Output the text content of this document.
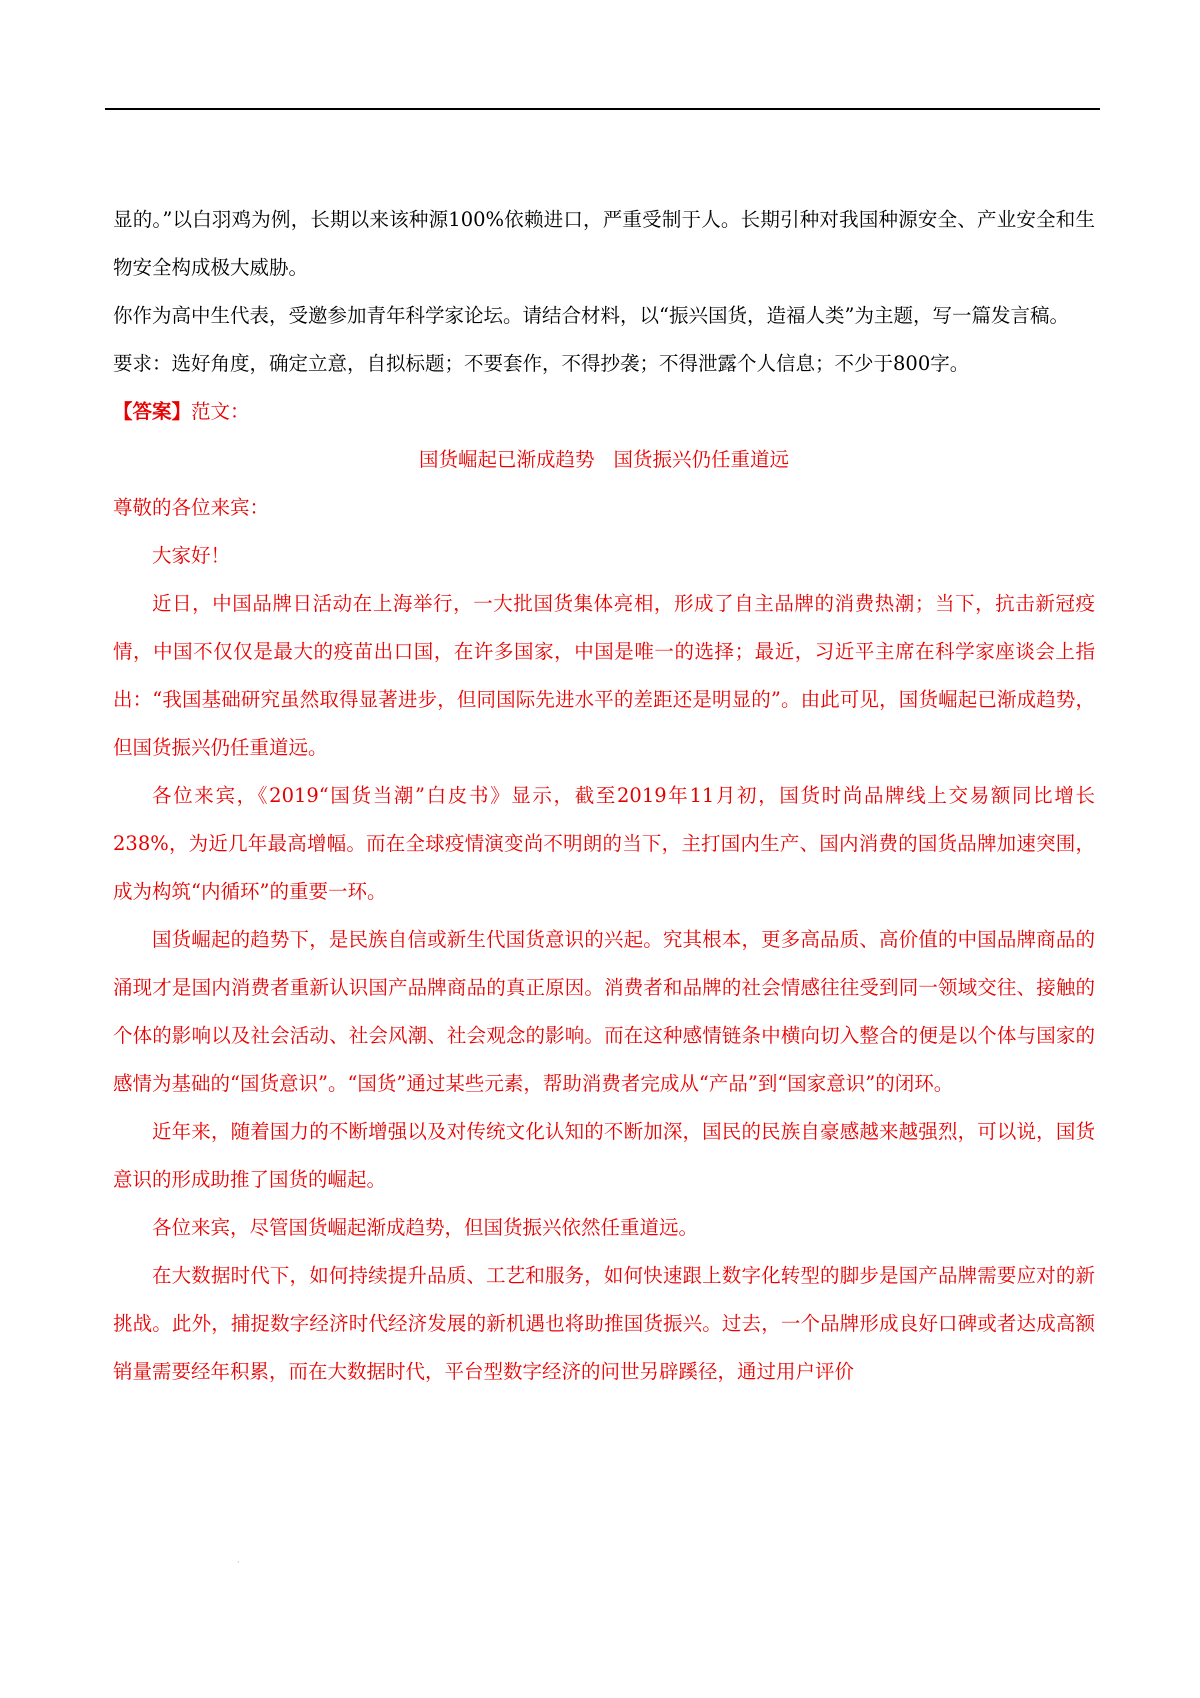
显的。”以白羽鸡为例，长期以来该种源100%依赖进口，严重受制于人。长期引种对我国种源安全、产业安全和生物安全构成极大威胁。

你作为高中生代表，受邀参加青年科学家论坛。请结合材料，以“振兴国货，造福人类”为主题，写一篇发言稿。

要求：选好角度，确定立意，自拟标题；不要套作，不得抄袭；不得泄露个人信息；不少于800字。

【答案】范文：

国货崛起已渐成趋势 国货振兴仍任重道远

尊敬的各位来宾：

大家好！

近日，中国品牌日活动在上海举行，一大批国货集体亮相，形成了自主品牌的消费热潮；当下，抗击新冠疫情，中国不仅仅是最大的疫苗出口国，在许多国家，中国是唯一的选择；最近，习近平主席在科学家座谈会上指出：“我国基础研究虽然取得显著进步，但同国际先进水平的差距还是明显的”。由此可见，国货崛起已渐成趋势，但国货振兴仍任重道远。

各位来宾，《2019“国货当潮”白皮书》显示，截至2019年11月初，国货时尚品牌线上交易额同比增长238%，为近几年最高增幅。而在全球疫情演变尚不明朗的当下，主打国内生产、国内消费的国货品牌加速突围，成为构筑“内循环”的重要一环。

国货崛起的趋势下，是民族自信或新生代国货意识的兴起。究其根本，更多高品质、高价值的中国品牌商品的涌现才是国内消费者重新认识国产品牌商品的真正原因。消费者和品牌的社会情感往往受到同一领域交往、接触的个体的影响以及社会活动、社会风潮、社会观念的影响。而在这种感情链条中横向切入整合的便是以个体与国家的感情为基础的“国货意识”。“国货”通过某些元素，帮助消费者完成从“产品”到“国家意识”的闭环。

近年来，随着国力的不断增强以及对传统文化认知的不断加深，国民的民族自豪感越来越强烈，可以说，国货意识的形成助推了国货的崛起。

各位来宾，尽管国货崛起渐成趋势，但国货振兴依然任重道远。

在大数据时代下，如何持续提升品质、工艺和服务，如何快速跟上数字化转型的脚步是国产品牌需要应对的新挑战。此外，捕捉数字经济时代经济发展的新机遇也将助推国货振兴。过去，一个品牌形成良好口碑或者达成高额销量需要经年积累，而在大数据时代，平台型数字经济的问世另辟蹊径，通过用户评价

·
